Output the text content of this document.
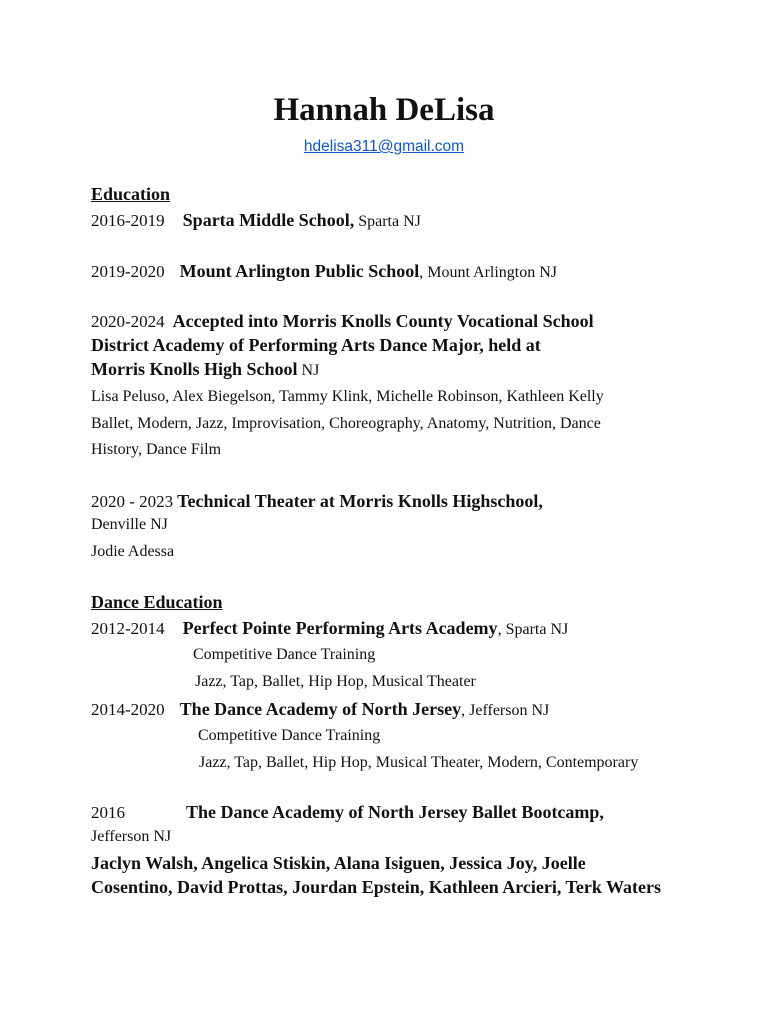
Hannah DeLisa
hdelisa311@gmail.com
Education
2016-2019 Sparta Middle School, Sparta NJ
2019-2020 Mount Arlington Public School, Mount Arlington NJ
2020-2024 Accepted into Morris Knolls County Vocational School
District Academy of Performing Arts Dance Major, held at
Morris Knolls High School NJ
Lisa Peluso, Alex Biegelson, Tammy Klink, Michelle Robinson, Kathleen Kelly
Ballet, Modern, Jazz, Improvisation, Choreography, Anatomy, Nutrition, Dance
History, Dance Film
2020 - 2023 Technical Theater at Morris Knolls Highschool,
Denville NJ
Jodie Adessa
Dance Education
2012-2014 Perfect Pointe Performing Arts Academy, Sparta NJ
Competitive Dance Training
Jazz, Tap, Ballet, Hip Hop, Musical Theater
2014-2020 The Dance Academy of North Jersey, Jefferson NJ
Competitive Dance Training
Jazz, Tap, Ballet, Hip Hop, Musical Theater, Modern, Contemporary
2016	The Dance Academy of North Jersey Ballet Bootcamp,
Jefferson NJ
Jaclyn Walsh, Angelica Stiskin, Alana Isiguen, Jessica Joy, Joelle
Cosentino, David Prottas, Jourdan Epstein, Kathleen Arcieri, Terk Waters
